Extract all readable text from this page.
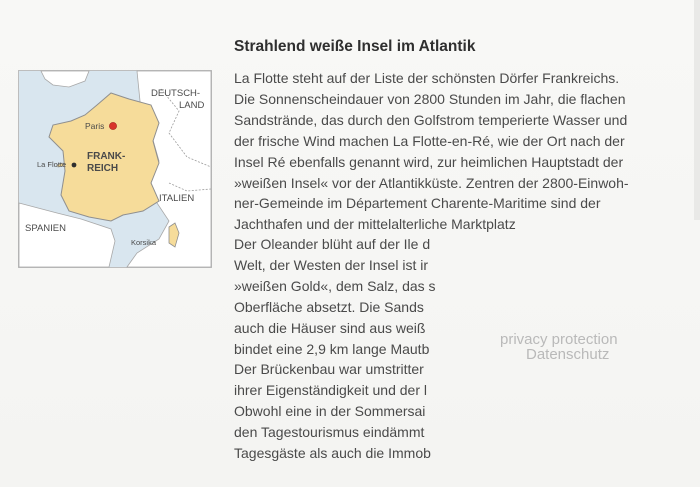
Strahlend weiße Insel im Atlantik
La Flotte steht auf der Liste der schönsten Dörfer Frankreichs.
Die Sonnenscheindauer von 2800 Stunden im Jahr, die flachen
Sandstrände, das durch den Golfstrom temperierte Wasser und
der frische Wind machen La Flotte-en-Ré, wie der Ort nach der
Insel Ré ebenfalls genannt wird, zur heimlichen Hauptstadt der
»weißen Insel« vor der Atlantikküste. Zentren der 2800-Einwoh-
ner-Gemeinde im Département Charente-Maritime sind der
Jachthafen und der mittelalterliche Marktplatz
Der Oleander blüht auf der Ile d
Welt, der Westen der Insel ist ir
»weißen Gold«, dem Salz, das s
Oberfläche absetzt. Die Sands
auch die Häuser sind aus weiß
bindet eine 2,9 km lange Mautb
Der Brückenbau war umstritter
ihrer Eigenständigkeit und der l
Obwohl eine in der Sommersai
den Tagestourismus eindämmt
Tagesgäste als auch die Immob
privacy protection
Datenschutz
DEUTSCH-
LAND
Paris
FRANK-
REICH
La Flotte
ITALIEN
SPANIEN
Korsika
